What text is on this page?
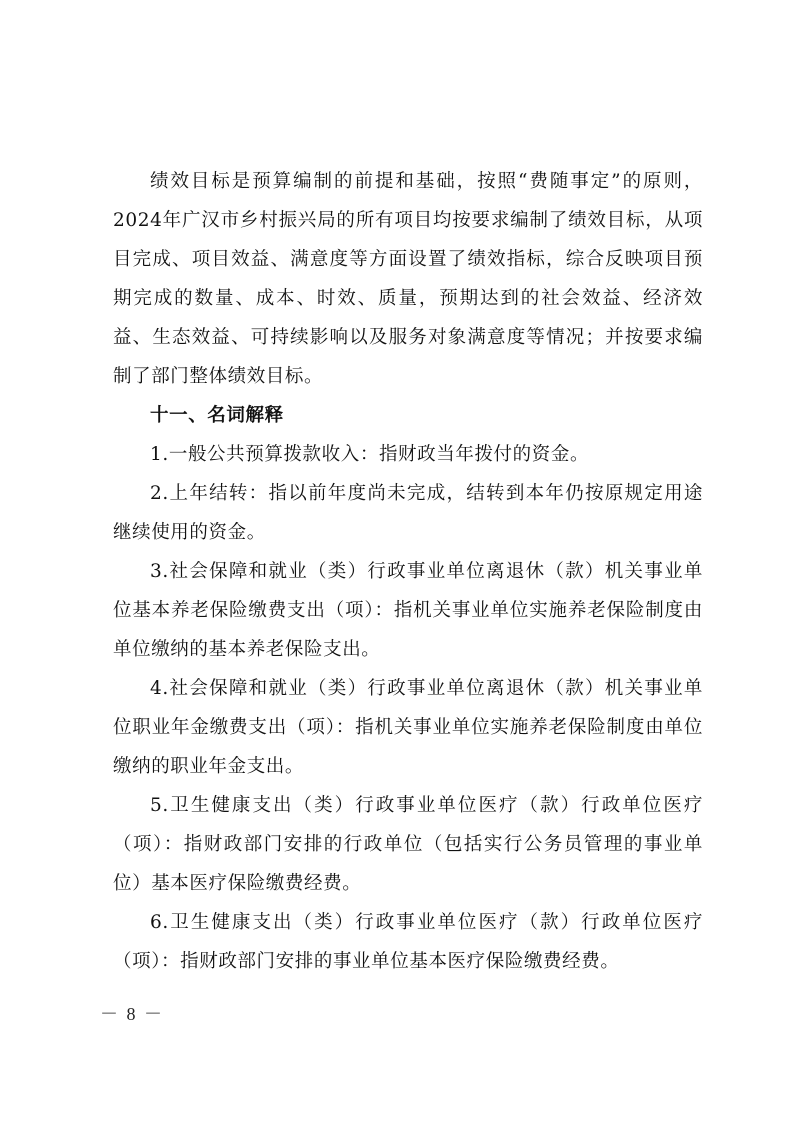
绩效目标是预算编制的前提和基础，按照“费随事定”的原则，2024年广汉市乡村振兴局的所有项目均按要求编制了绩效目标，从项目完成、项目效益、满意度等方面设置了绩效指标，综合反映项目预期完成的数量、成本、时效、质量，预期达到的社会效益、经济效益、生态效益、可持续影响以及服务对象满意度等情况；并按要求编制了部门整体绩效目标。

十一、名词解释

1.一般公共预算拨款收入：指财政当年拨付的资金。

2.上年结转：指以前年度尚未完成，结转到本年仍按原规定用途继续使用的资金。

3.社会保障和就业（类）行政事业单位离退休（款）机关事业单位基本养老保险缴费支出（项）：指机关事业单位实施养老保险制度由单位缴纳的基本养老保险支出。

4.社会保障和就业（类）行政事业单位离退休（款）机关事业单位职业年金缴费支出（项）：指机关事业单位实施养老保险制度由单位缴纳的职业年金支出。

5.卫生健康支出（类）行政事业单位医疗（款）行政单位医疗（项）：指财政部门安排的行政单位（包括实行公务员管理的事业单位）基本医疗保险缴费经费。

6.卫生健康支出（类）行政事业单位医疗（款）行政单位医疗（项）：指财政部门安排的事业单位基本医疗保险缴费经费。

－ 8 －
